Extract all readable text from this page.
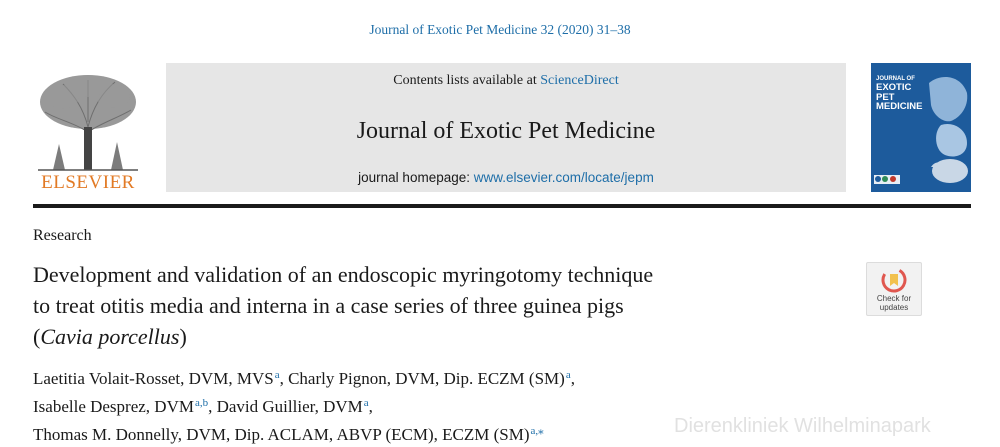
Journal of Exotic Pet Medicine 32 (2020) 31–38
ELSEVIER
Contents lists available at ScienceDirect
Journal of Exotic Pet Medicine
journal homepage: www.elsevier.com/locate/jepm
JOURNAL OF
EXOTIC
PET
MEDICINE
Research
Development and validation of an endoscopic myringotomy technique
to treat otitis media and interna in a case series of three guinea pigs
(Cavia porcellus)
Check for
updates
Laetitia Volait-Rosset, DVM, MVS$^a$, Charly Pignon, DVM, Dip. ECZM (SM)$^a$,
Isabelle Desprez, DVM$^{a,b}$, David Guillier, DVM$^a$,
Thomas M. Donnelly, DVM, Dip. ACLAM, ABVP (ECM), ECZM (SM)$^{a,⁎}$	Dierenkliniek Wilhelminapark
